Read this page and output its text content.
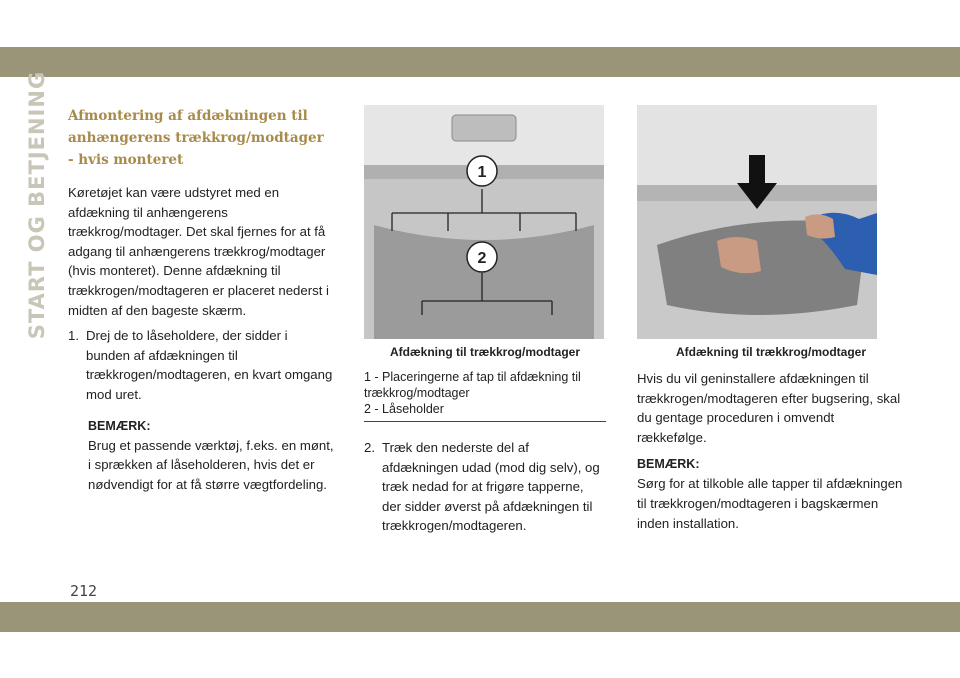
START OG BETJENING Afmontering af afdækningen til anhængerens trækkrog/modtager - hvis monteret

Køretøjet kan være udstyret med en afdækning til anhængerens trækkrog/modtager. Det skal fjernes for at få adgang til anhængerens trækkrog/modtager (hvis monteret). Denne afdækning til trækkrogen/modtageren er placeret nederst i midten af den bageste skærm.

1. Drej de to låseholdere, der sidder i bunden af afdækningen til trækkrogen/modtageren, en kvart omgang mod uret.
BEMÆRK:

Brug et passende værktøj, f.eks. en mønt, i sprækken af låseholderen, hvis det er nødvendigt for at få større vægtfordeling.

1
2
Afdækning til trækkrog/modtager
1 - Placeringerne af tap til afdækning til trækkrog/modtager
2 - Låseholder
2. Træk den nederste del af afdækningen udad (mod dig selv), og træk nedad for at frigøre tapperne, der sidder øverst på afdækningen til trækkrogen/modtageren.
Afdækning til trækkrog/modtager

Hvis du vil geninstallere afdækningen til trækkrogen/modtageren efter bugsering, skal du gentage proceduren i omvendt rækkefølge.

BEMÆRK:

Sørg for at tilkoble alle tapper til afdækningen til trækkrogen/modtageren i bagskærmen inden installation.

212
